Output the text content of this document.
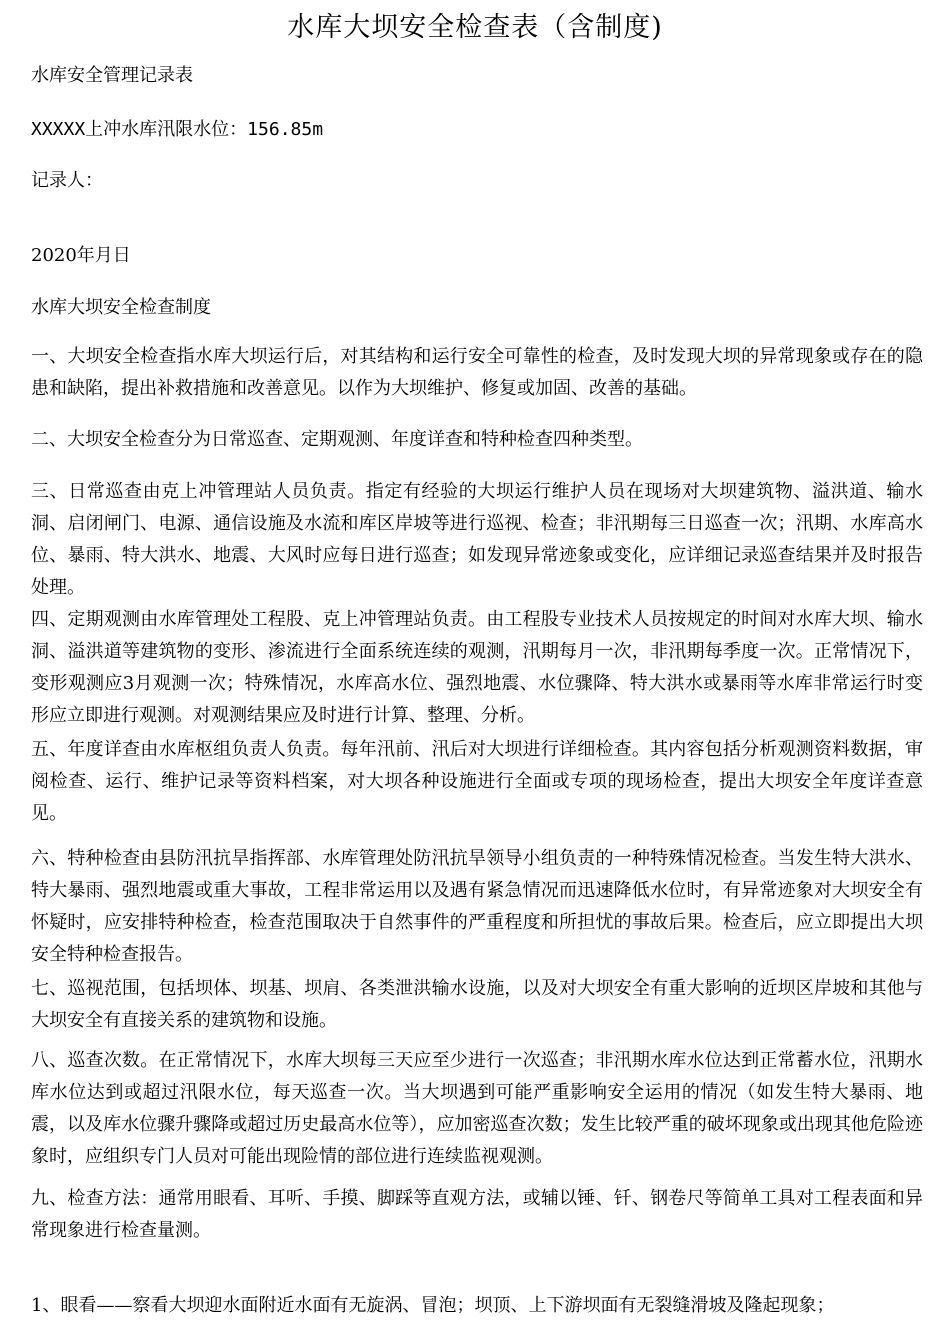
水库大坝安全检查表（含制度)
水库安全管理记录表
XXXXX上冲水库汛限水位：156.85m
记录人：
2020年月日
水库大坝安全检查制度
一、大坝安全检查指水库大坝运行后，对其结构和运行安全可靠性的检查，及时发现大坝的异常现象或存在的隐患和缺陷，提出补救措施和改善意见。以作为大坝维护、修复或加固、改善的基础。
二、大坝安全检查分为日常巡查、定期观测、年度详查和特种检查四种类型。
三、日常巡查由克上冲管理站人员负责。指定有经验的大坝运行维护人员在现场对大坝建筑物、溢洪道、输水洞、启闭闸门、电源、通信设施及水流和库区岸坡等进行巡视、检查；非汛期每三日巡查一次；汛期、水库高水位、暴雨、特大洪水、地震、大风时应每日进行巡查；如发现异常迹象或变化，应详细记录巡查结果并及时报告处理。
四、定期观测由水库管理处工程股、克上冲管理站负责。由工程股专业技术人员按规定的时间对水库大坝、输水洞、溢洪道等建筑物的变形、渗流进行全面系统连续的观测，汛期每月一次，非汛期每季度一次。正常情况下，变形观测应3月观测一次；特殊情况，水库高水位、强烈地震、水位骤降、特大洪水或暴雨等水库非常运行时变形应立即进行观测。对观测结果应及时进行计算、整理、分析。
五、年度详查由水库枢组负责人负责。每年汛前、汛后对大坝进行详细检查。其内容包括分析观测资料数据，审阅检查、运行、维护记录等资料档案，对大坝各种设施进行全面或专项的现场检查，提出大坝安全年度详查意见。
六、特种检查由县防汛抗旱指挥部、水库管理处防汛抗旱领导小组负责的一种特殊情况检查。当发生特大洪水、特大暴雨、强烈地震或重大事故，工程非常运用以及遇有紧急情况而迅速降低水位时，有异常迹象对大坝安全有怀疑时，应安排特种检查，检查范围取决于自然事件的严重程度和所担忧的事故后果。检查后，应立即提出大坝安全特种检查报告。
七、巡视范围，包括坝体、坝基、坝肩、各类泄洪输水设施，以及对大坝安全有重大影响的近坝区岸坡和其他与大坝安全有直接关系的建筑物和设施。
八、巡查次数。在正常情况下，水库大坝每三天应至少进行一次巡查；非汛期水库水位达到正常蓄水位，汛期水库水位达到或超过汛限水位，每天巡查一次。当大坝遇到可能严重影响安全运用的情况（如发生特大暴雨、地震，以及库水位骤升骤降或超过历史最高水位等），应加密巡查次数；发生比较严重的破坏现象或出现其他危险迹象时，应组织专门人员对可能出现险情的部位进行连续监视观测。
九、检查方法：通常用眼看、耳听、手摸、脚踩等直观方法，或辅以锤、钎、钢卷尺等简单工具对工程表面和异常现象进行检查量测。
1、眼看——察看大坝迎水面附近水面有无旋涡、冒泡；坝顶、上下游坝面有无裂缝滑坡及隆起现象；
